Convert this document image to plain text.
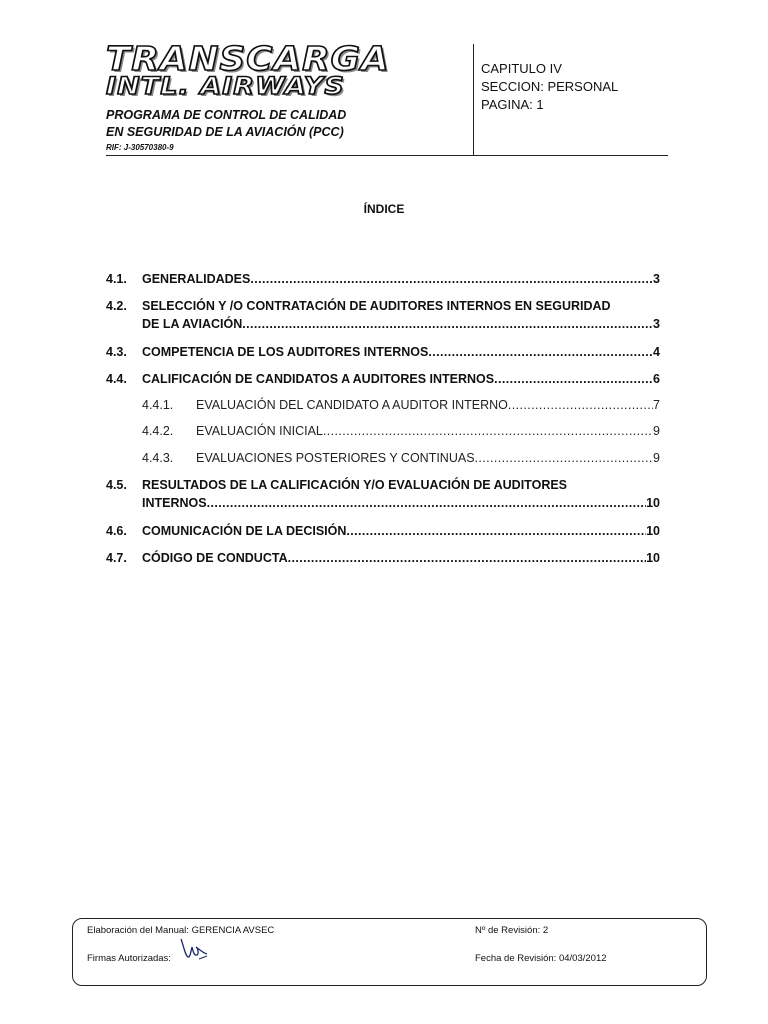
TRANSCARGA
INTL. AIRWAYS
PROGRAMA DE CONTROL DE CALIDAD
EN SEGURIDAD DE LA AVIACIÓN (PCC)
RIF: J-30570380-9
CAPITULO IV
SECCION: PERSONAL
PAGINA: 1
ÍNDICE
4.1. GENERALIDADES .....	3
4.2. SELECCIÓN Y /O CONTRATACIÓN DE AUDITORES INTERNOS EN SEGURIDAD
DE LA AVIACIÓN .....	3
4.3. COMPETENCIA DE LOS AUDITORES INTERNOS .....	4
4.4. CALIFICACIÓN DE CANDIDATOS A AUDITORES INTERNOS .....	6
4.4.1. EVALUACIÓN DEL CANDIDATO A AUDITOR INTERNO .....	7
4.4.2. EVALUACIÓN INICIAL .....	9
4.4.3. EVALUACIONES POSTERIORES Y CONTINUAS .....	9
4.5. RESULTADOS DE LA CALIFICACIÓN Y/O EVALUACIÓN DE AUDITORES
INTERNOS .....	10
4.6. COMUNICACIÓN DE LA DECISIÓN .....	10
4.7. CÓDIGO DE CONDUCTA .....	10
Elaboración del Manual: GERENCIA AVSEC	Nº de Revisión: 2
Firmas Autorizadas:	Fecha de Revisión: 04/03/2012
